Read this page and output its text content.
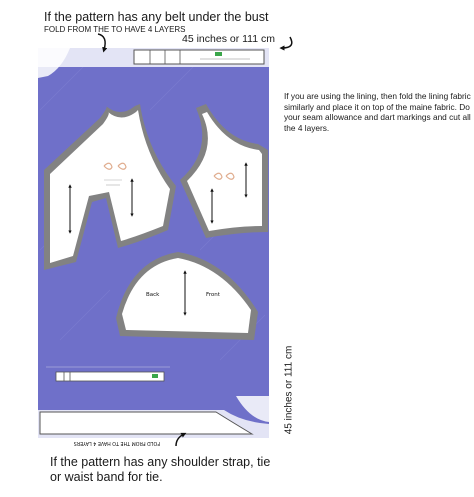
If the pattern has any belt under the bust
FOLD FROM THE TO HAVE 4 LAYERS
45 inches or 111 cm
If you are using the lining, then fold the lining fabric similarly and place it on top of the maine fabric. Do your seam allowance and dart markings and cut all the 4 layers.
45 inches or 111 cm
If the pattern has any shoulder strap, tie or waist band for tie.
Back	Front
FOLD FROM THE TO HAVE 4 LAYERS
